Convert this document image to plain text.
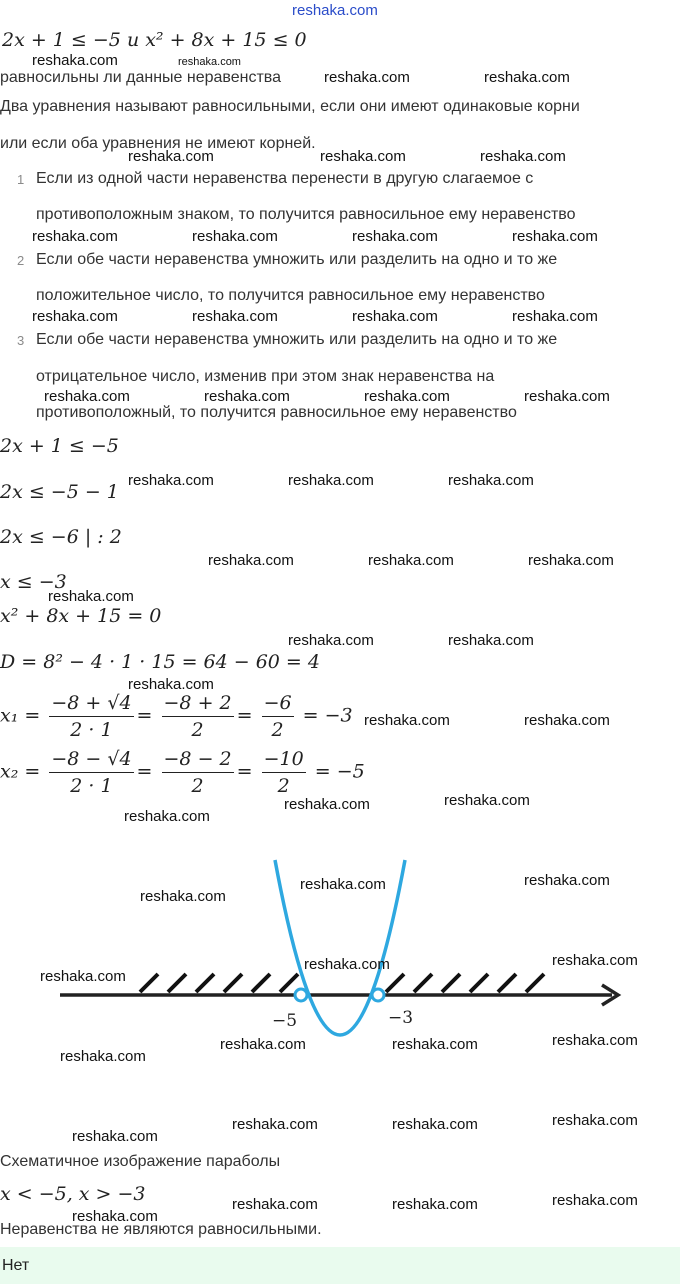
reshaka.com
2x + 1 ≤ −5 и x² + 8x + 15 ≤ 0
равносильны ли данные неравенства
Два уравнения называют равносильными, если они имеют одинаковые корни
или если оба уравнения не имеют корней.
1 Если из одной части неравенства перенести в другую слагаемое с
противоположным знаком, то получится равносильное ему неравенство
2 Если обе части неравенства умножить или разделить на одно и то же
положительное число, то получится равносильное ему неравенство
3 Если обе части неравенства умножить или разделить на одно и то же
отрицательное число, изменив при этом знак неравенства на
противоположный, то получится равносильное ему неравенство
2x + 1 ≤ −5
2x ≤ −5 − 1
2x ≤ −6 | : 2
x ≤ −3
x² + 8x + 15 = 0
D = 8² − 4 · 1 · 15 = 64 − 60 = 4
$x_1 = \frac{-8 + √4}{2 \cdot 1} = \frac{-8 + 2}{2} = \frac{-6}{2} = -3$
$x_2 = \frac{-8 - √4}{2 \cdot 1} = \frac{-8 - 2}{2} = \frac{-10}{2} = -5$
−5	−3
Схематичное изображение параболы
x < −5, x > −3
Неравенства не являются равносильными.
Нет
reshaka.com	reshaka.com
reshaka.com	reshaka.com
reshaka.com	reshaka.com	reshaka.com
reshaka.com	reshaka.com	reshaka.com	reshaka.com
reshaka.com	reshaka.com	reshaka.com	reshaka.com
reshaka.com	reshaka.com	reshaka.com	reshaka.com
reshaka.com	reshaka.com	reshaka.com
reshaka.com	reshaka.com	reshaka.com
reshaka.com
reshaka.com	reshaka.com
reshaka.com
reshaka.com	reshaka.com
reshaka.com
reshaka.com
reshaka.com
reshaka.com
reshaka.com
reshaka.com
reshaka.com
reshaka.com
reshaka.com
reshaka.com
reshaka.com	reshaka.com
reshaka.com
reshaka.com
reshaka.com	reshaka.com
reshaka.com
reshaka.com
reshaka.com	reshaka.com
reshaka.com
